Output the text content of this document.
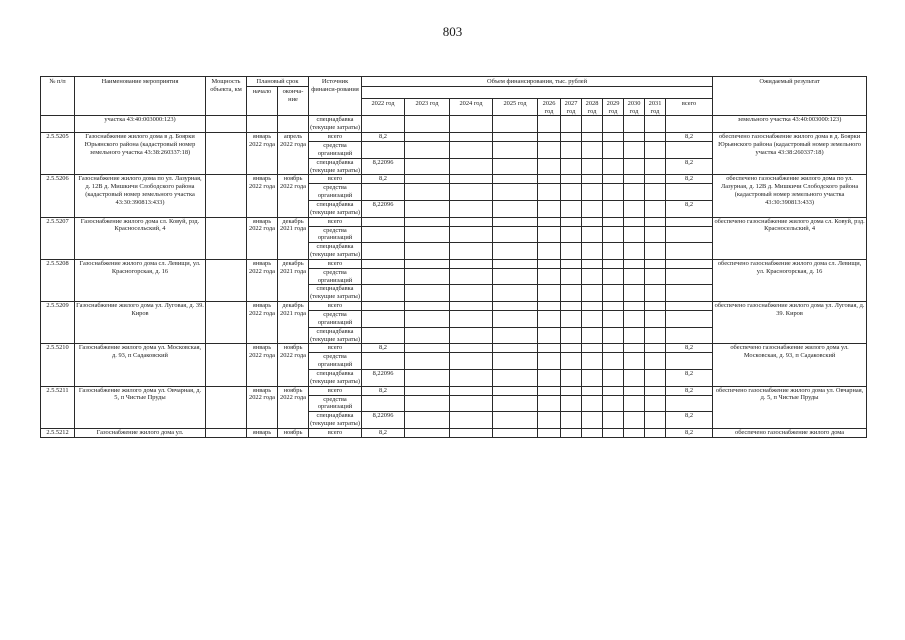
803
№ п/п	Наименование мероприятия	Мощность объекта, км	Плановый срок		Источник финанси-рования	Объем финансирования, тыс. рублей											Ожидаемый результат
			начало	оконча-ние													
						2022 год	2023 год	2024 год	2025 год	2026 год	2027 год	2028 год	2029 год	2030 год	2031 год	всего	
	участка 43:40:003000:123)				спецнадбавка (текущие затраты)												земельного участка 43:40:003000:123)
2.5.5205	Газоснабжение жилого дома в д. Боярки Юрьянского района (кадастровый номер земельного участка 43:38:260337:18)		январь 2022 года	апрель 2022 года	всего	8,2										8,2	обеспечено газоснабжение жилого дома в д. Боярки Юрьянского района (кадастровый номер земельного участка 43:38:260337:18)
					средства организаций												
					спецнадбавка (текущие затраты)	8,22096										8,2	
2.5.5206	Газоснабжение жилого дома по ул. Лазурная, д. 12В д. Мишкичи Слободского района (кадастровый номер земельного участка 43:30:390813:433)		январь 2022 года	ноябрь 2022 года	всего	8,2										8,2	обеспечено газоснабжение жилого дома по ул. Лазурная, д. 12В д. Мишкичи Слободского района (кадастровый номер земельного участка 43:30:390813:433)
					средства организаций												
					спецнадбавка (текущие затраты)	8,22096										8,2	
2.5.5207	Газоснабжение жилого дома сл. Ковуй, рзд. Красносельский, 4		январь 2022 года	декабрь 2021 года	всего												обеспечено газоснабжение жилого дома сл. Ковуй, рзд. Красносельский, 4
					средства организаций												
					спецнадбавка (текущие затраты)												
2.5.5208	Газоснабжение жилого дома сл. Левищи, ул. Красногорская, д. 16		январь 2022 года	декабрь 2021 года	всего												обеспечено газоснабжение жилого дома сл. Левищи, ул. Красногорская, д. 16
					средства организаций												
					спецнадбавка (текущие затраты)												
2.5.5209	Газоснабжение жилого дома ул. Луговая, д. 39. Киров		январь 2022 года	декабрь 2021 года	всего												обеспечено газоснабжение жилого дома ул. Луговая, д. 39. Киров
					средства организаций												
					спецнадбавка (текущие затраты)												
2.5.5210	Газоснабжение жилого дома ул. Московская, д. 93, п Садаковский		январь 2022 года	ноябрь 2022 года	всего	8,2										8,2	обеспечено газоснабжение жилого дома ул. Московская, д. 93, п Садаковский
					средства организаций												
					спецнадбавка (текущие затраты)	8,22096										8,2	
2.5.5211	Газоснабжение жилого дома ул. Овчарная, д. 5, п Чистые Пруды		январь 2022 года	ноябрь 2022 года	всего	8,2										8,2	обеспечено газоснабжение жилого дома ул. Овчарная, д. 5, п Чистые Пруды
					средства организаций												
					спецнадбавка (текущие затраты)	8,22096										8,2	
2.5.5212	Газоснабжение жилого дома ул.		январь	ноябрь	всего	8,2										8,2	обеспечено газоснабжение жилого дома
